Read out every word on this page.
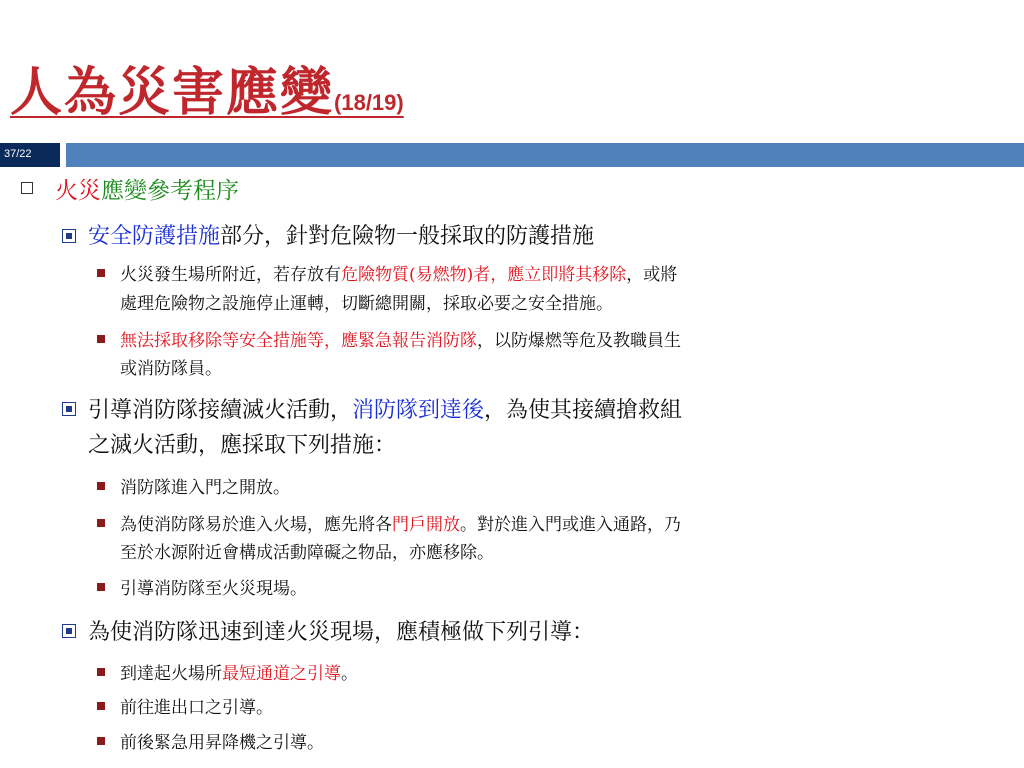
人為災害應變(18/19)
37/22
火災應變參考程序
安全防護措施部分，針對危險物一般採取的防護措施
火災發生場所附近，若存放有危險物質(易燃物)者，應立即將其移除，或將
處理危險物之設施停止運轉，切斷總開關，採取必要之安全措施。
無法採取移除等安全措施等，應緊急報告消防隊，以防爆燃等危及教職員生
或消防隊員。
引導消防隊接續滅火活動，消防隊到達後，為使其接續搶救組
之滅火活動，應採取下列措施：
消防隊進入門之開放。
為使消防隊易於進入火場，應先將各門戶開放。對於進入門或進入通路，乃
至於水源附近會構成活動障礙之物品，亦應移除。
引導消防隊至火災現場。
為使消防隊迅速到達火災現場，應積極做下列引導：
到達起火場所最短通道之引導。
前往進出口之引導。
前後緊急用昇降機之引導。
